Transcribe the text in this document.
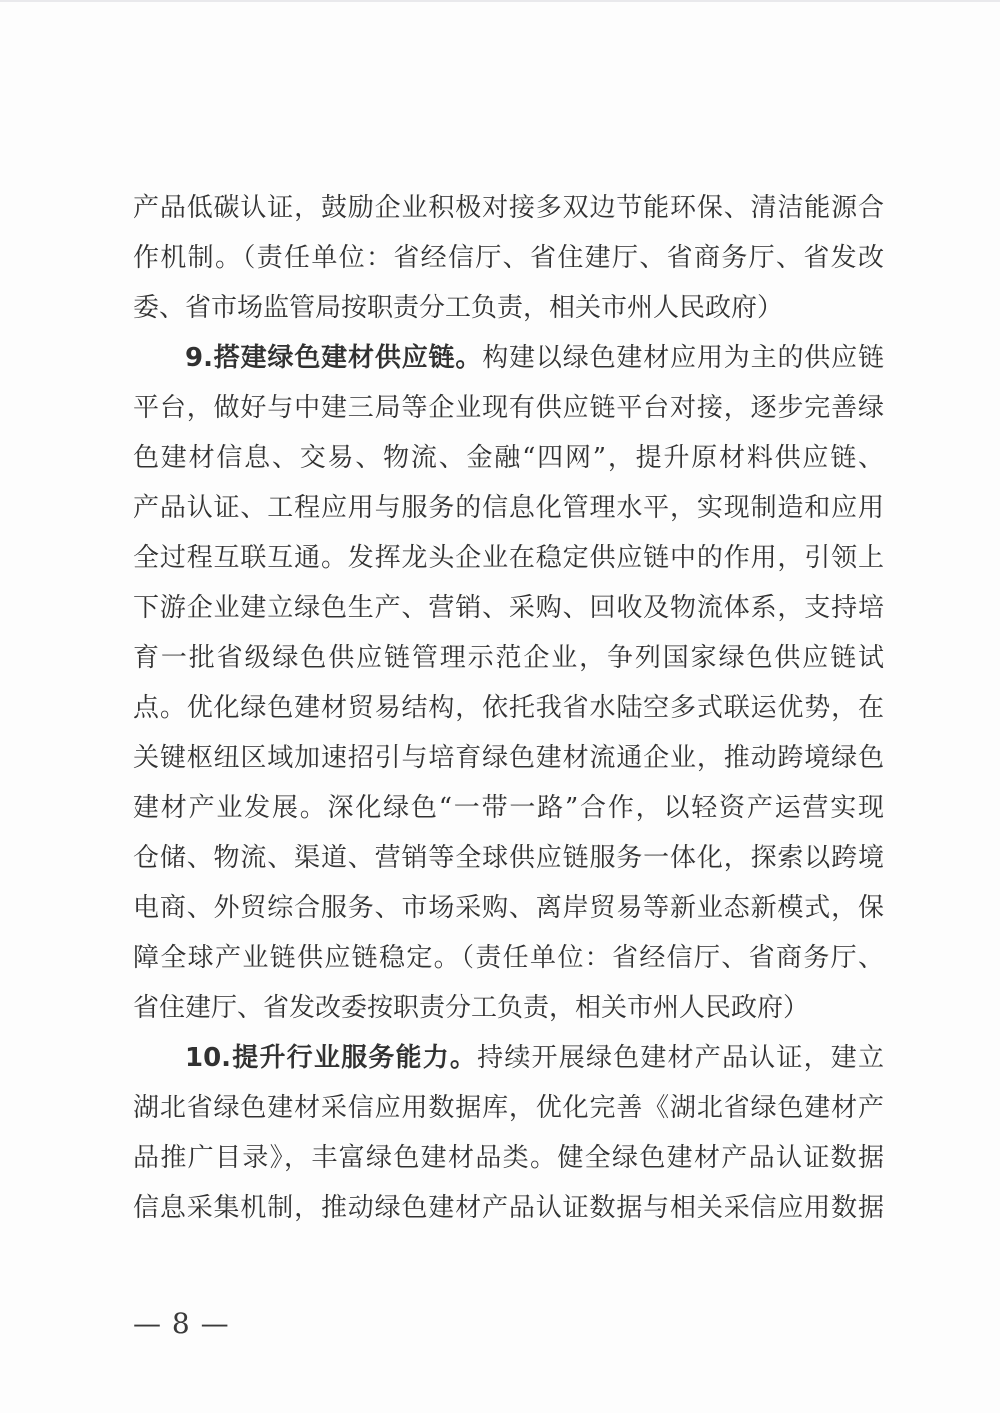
产品低碳认证，鼓励企业积极对接多双边节能环保、清洁能源合
作机制。（责任单位：省经信厅、省住建厅、省商务厅、省发改
委、省市场监管局按职责分工负责，相关市州人民政府）
9.搭建绿色建材供应链。构建以绿色建材应用为主的供应链
平台，做好与中建三局等企业现有供应链平台对接，逐步完善绿
色建材信息、交易、物流、金融“四网”，提升原材料供应链、
产品认证、工程应用与服务的信息化管理水平，实现制造和应用
全过程互联互通。发挥龙头企业在稳定供应链中的作用，引领上
下游企业建立绿色生产、营销、采购、回收及物流体系，支持培
育一批省级绿色供应链管理示范企业，争列国家绿色供应链试
点。优化绿色建材贸易结构，依托我省水陆空多式联运优势，在
关键枢纽区域加速招引与培育绿色建材流通企业，推动跨境绿色
建材产业发展。深化绿色“一带一路”合作，以轻资产运营实现
仓储、物流、渠道、营销等全球供应链服务一体化，探索以跨境
电商、外贸综合服务、市场采购、离岸贸易等新业态新模式，保
障全球产业链供应链稳定。（责任单位：省经信厅、省商务厅、
省住建厅、省发改委按职责分工负责，相关市州人民政府）
10.提升行业服务能力。持续开展绿色建材产品认证，建立
湖北省绿色建材采信应用数据库，优化完善《湖北省绿色建材产
品推广目录》，丰富绿色建材品类。健全绿色建材产品认证数据
信息采集机制，推动绿色建材产品认证数据与相关采信应用数据
— 8 —
